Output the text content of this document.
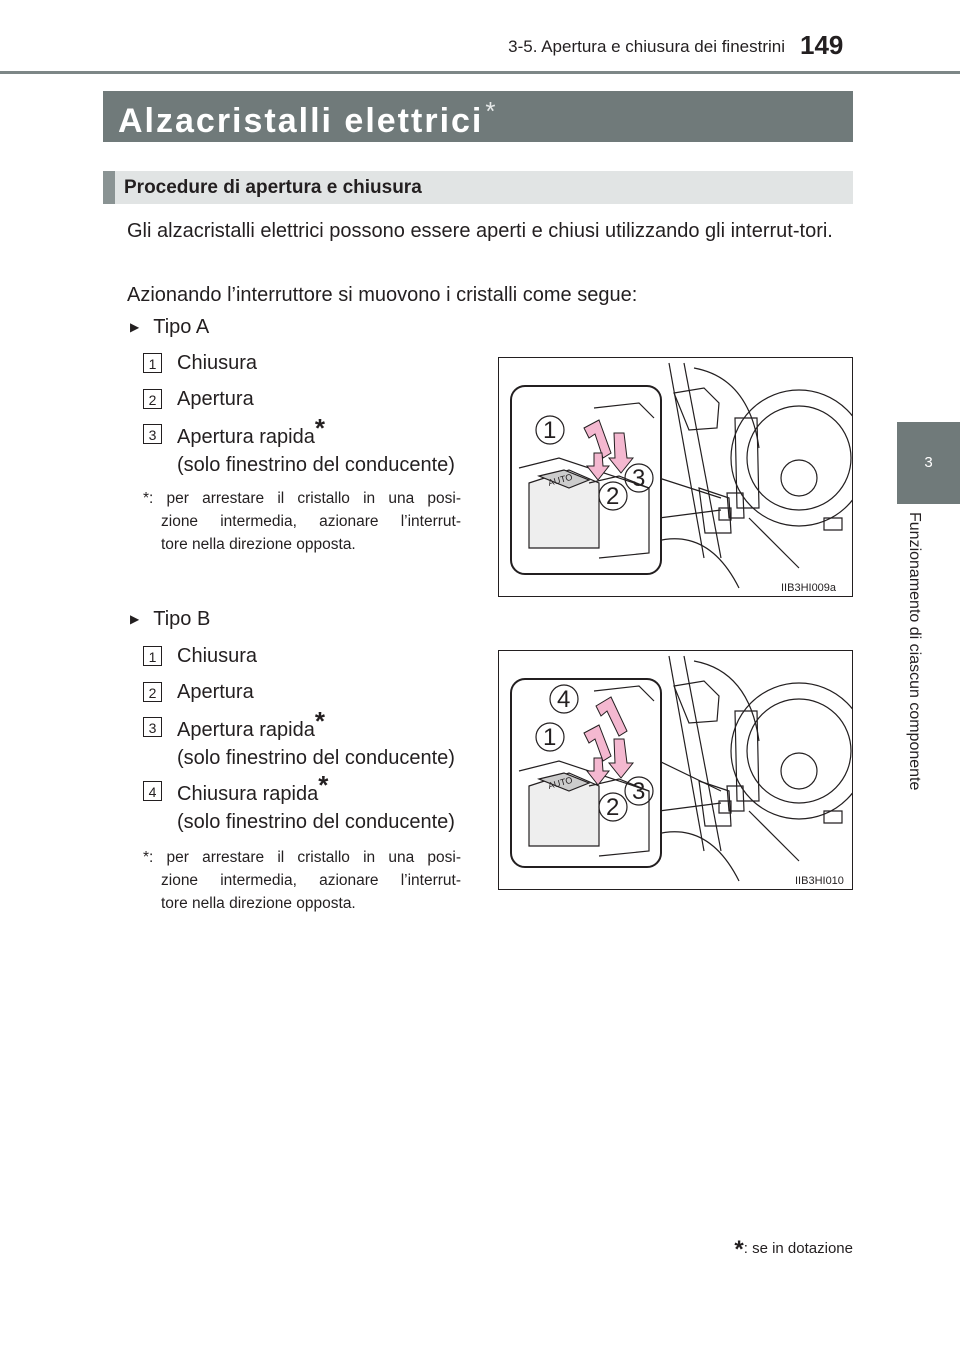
3-5. Apertura e chiusura dei finestrini 149
3
Funzionamento di ciascun componente
Alzacristalli elettrici*
Procedure di apertura e chiusura
Gli alzacristalli elettrici possono essere aperti e chiusi utilizzando gli interrut-tori.
Azionando l’interruttore si muovono i cristalli come segue:
▶ Tipo A
1 Chiusura
2 Apertura
3 Apertura rapida*
(solo finestrino del conducente)
*: per arrestare il cristallo in una posi-
zione intermedia, azionare l’interrut-
tore nella direzione opposta.
AUTO
1
2
3
IIB3HI009a
▶ Tipo B
1 Chiusura
2 Apertura
3 Apertura rapida*
(solo finestrino del conducente)
4 Chiusura rapida*
(solo finestrino del conducente)
*: per arrestare il cristallo in una posi-
zione intermedia, azionare l’interrut-
tore nella direzione opposta.
AUTO
4
1
2
3
IIB3HI010
*: se in dotazione
